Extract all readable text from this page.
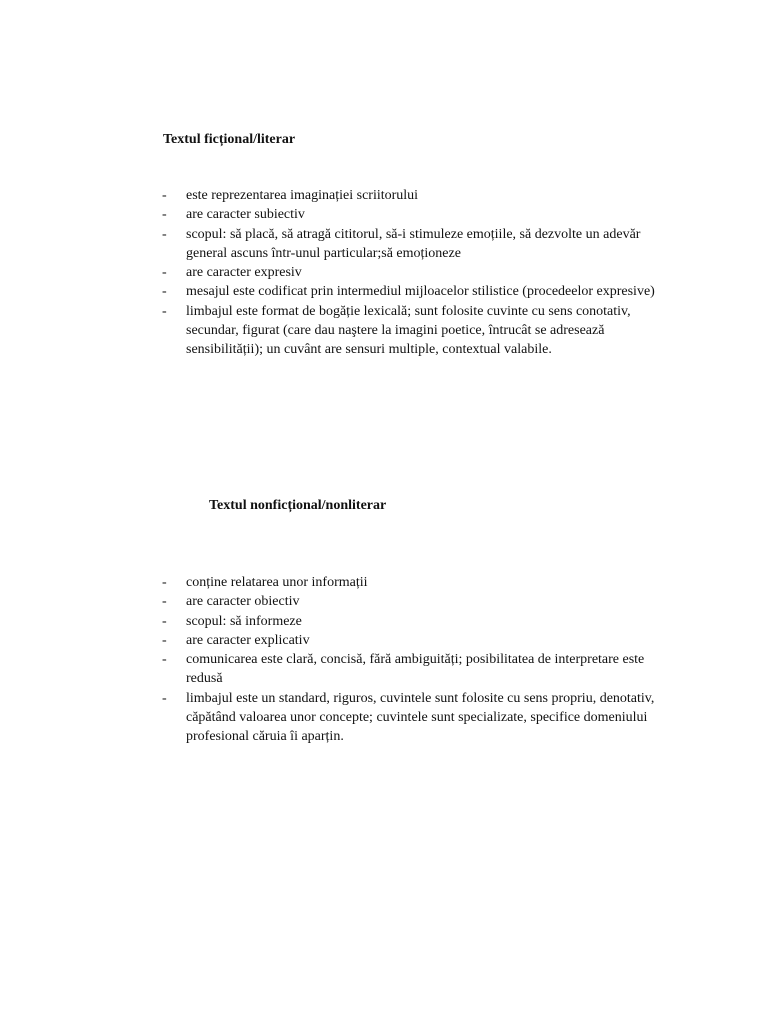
Textul ficțional/literar
- este reprezentarea imaginației scriitorului
- are caracter subiectiv
- scopul: să placă, să atragă cititorul, să-i stimuleze emoțiile, să dezvolte un adevăr general ascuns într-unul particular;să emoționeze
- are caracter expresiv
- mesajul este codificat prin intermediul mijloacelor stilistice (procedeelor expresive)
- limbajul este format de bogăție lexicală; sunt folosite cuvinte cu sens conotativ, secundar, figurat (care dau naştere la imagini poetice, întrucât se adresează sensibilității); un cuvânt are sensuri multiple, contextual valabile.
Textul nonficțional/nonliterar
- conține relatarea unor informații
- are caracter obiectiv
- scopul: să informeze
- are caracter explicativ
- comunicarea este clară, concisă, fără ambiguități; posibilitatea de interpretare este redusă
- limbajul este un standard, riguros, cuvintele sunt folosite cu sens propriu, denotativ, căpătând valoarea unor concepte; cuvintele sunt specializate, specifice domeniului profesional căruia îi aparțin.
